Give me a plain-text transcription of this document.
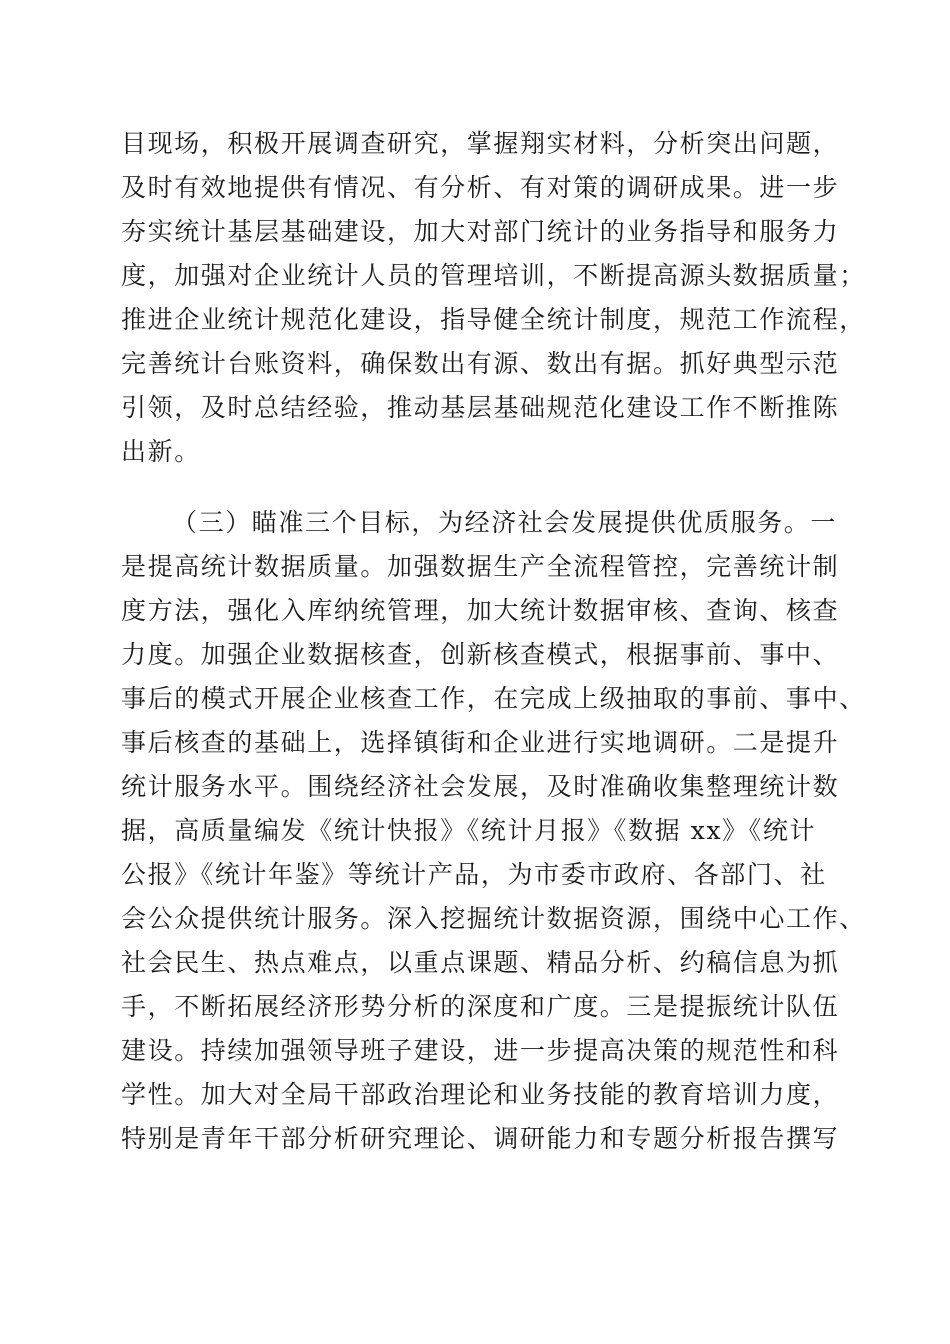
目现场，积极开展调查研究，掌握翔实材料，分析突出问题，
及时有效地提供有情况、有分析、有对策的调研成果。进一步
夯实统计基层基础建设，加大对部门统计的业务指导和服务力
度，加强对企业统计人员的管理培训，不断提高源头数据质量；
推进企业统计规范化建设，指导健全统计制度，规范工作流程，
完善统计台账资料，确保数出有源、数出有据。抓好典型示范
引领，及时总结经验，推动基层基础规范化建设工作不断推陈
出新。
（三）瞄准三个目标，为经济社会发展提供优质服务。一
是提高统计数据质量。加强数据生产全流程管控，完善统计制
度方法，强化入库纳统管理，加大统计数据审核、查询、核查
力度。加强企业数据核查，创新核查模式，根据事前、事中、
事后的模式开展企业核查工作，在完成上级抽取的事前、事中、
事后核查的基础上，选择镇街和企业进行实地调研。二是提升
统计服务水平。围绕经济社会发展，及时准确收集整理统计数
据，高质量编发《统计快报》《统计月报》《数据 xx》《统计
公报》《统计年鉴》等统计产品，为市委市政府、各部门、社
会公众提供统计服务。深入挖掘统计数据资源，围绕中心工作、
社会民生、热点难点，以重点课题、精品分析、约稿信息为抓
手，不断拓展经济形势分析的深度和广度。三是提振统计队伍
建设。持续加强领导班子建设，进一步提高决策的规范性和科
学性。加大对全局干部政治理论和业务技能的教育培训力度，
特别是青年干部分析研究理论、调研能力和专题分析报告撰写
